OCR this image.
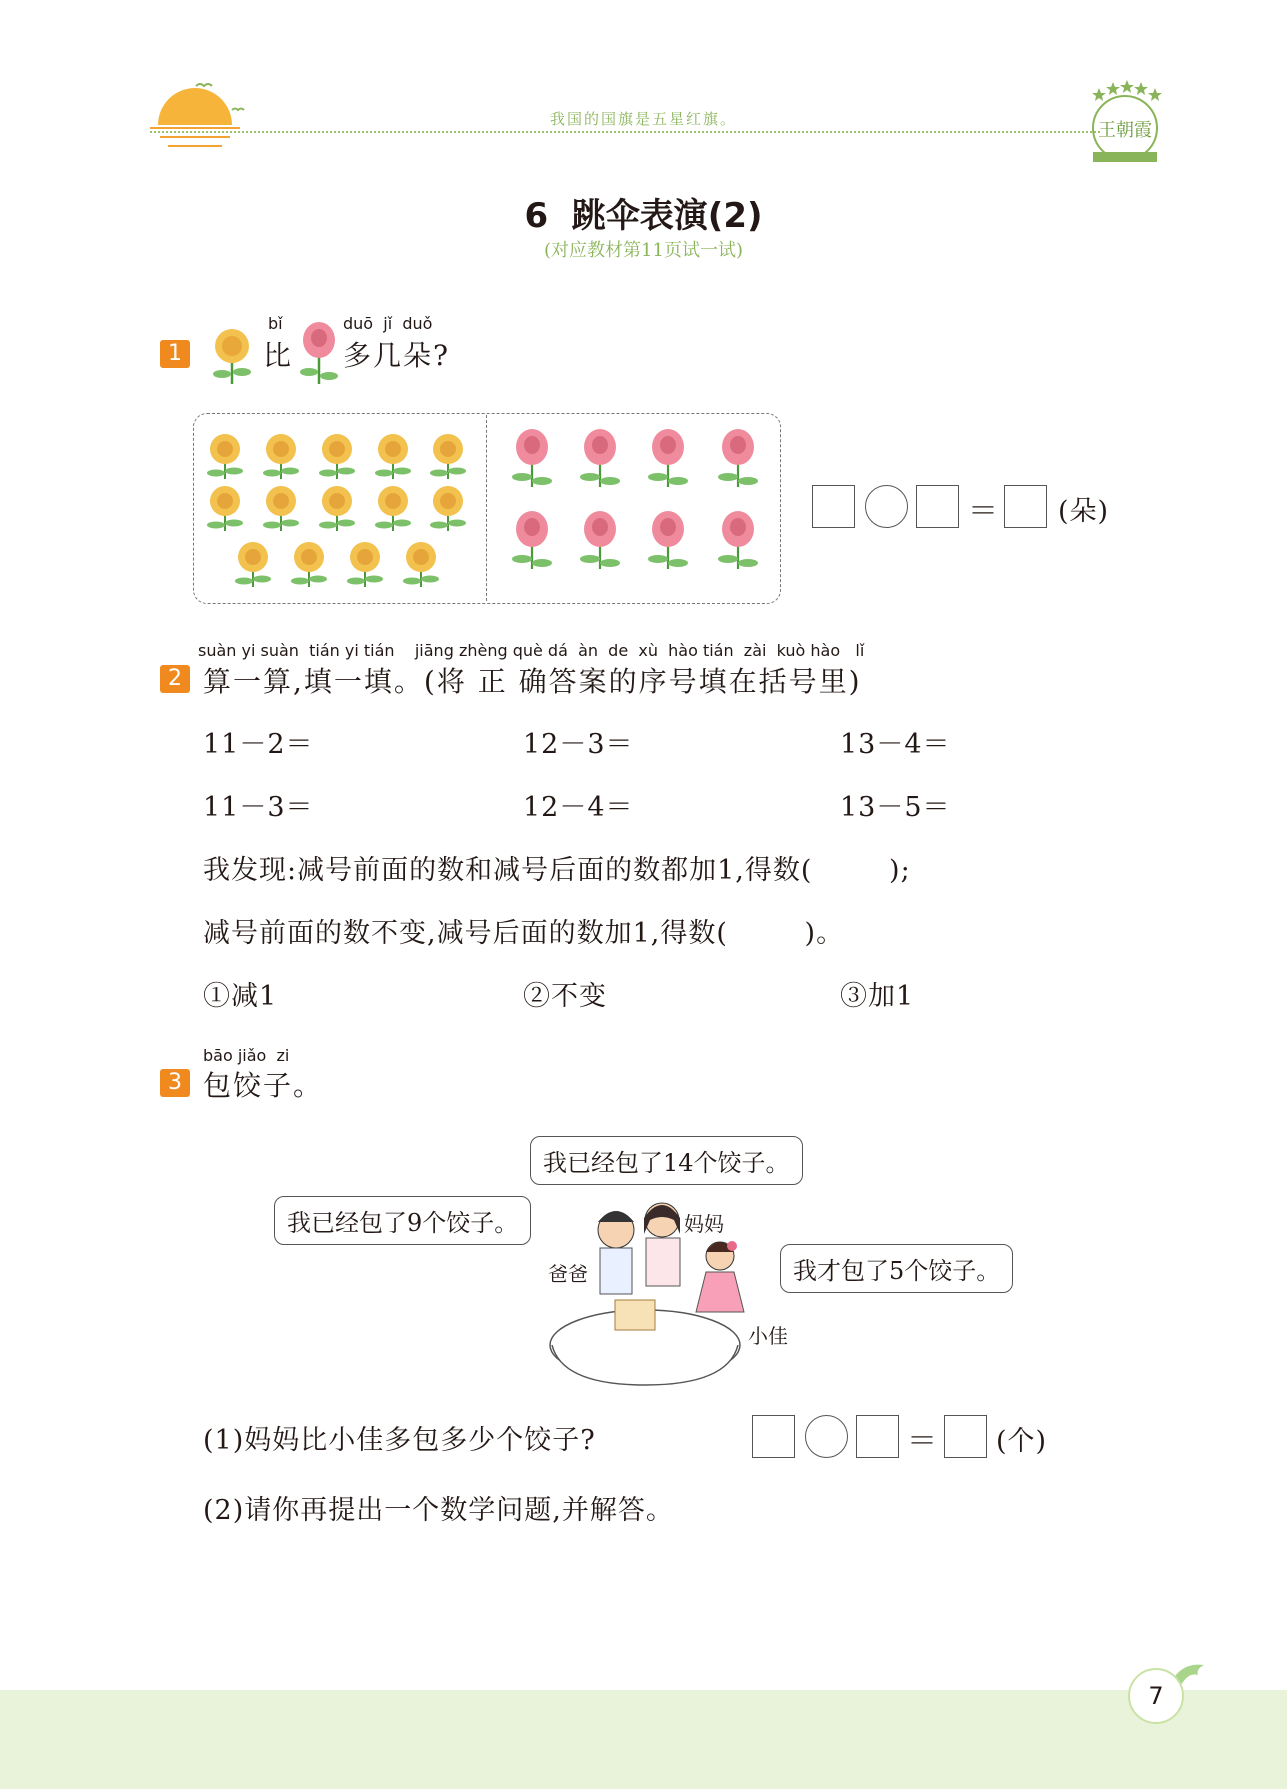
我国的国旗是五星红旗。
王朝霞
6  跳伞表演(2)
(对应教材第11页试一试)
1
bǐ
比
duō  jǐ  duǒ
多几朵?
＝ (朵)
suàn yi suàn  tián yi tián    jiāng zhèng què dá  àn  de  xù  hào tián  zài  kuò hào   lǐ
2 算一算,填一填。(将 正 确答案的序号填在括号里)
11－2＝	12－3＝	13－4＝
11－3＝	12－4＝	13－5＝
我发现:减号前面的数和减号后面的数都加1,得数(        );
减号前面的数不变,减号后面的数加1,得数(        )。
①减1	②不变	③加1
bāo jiǎo  zi
3 包饺子。
我已经包了14个饺子。
我已经包了9个饺子。
我才包了5个饺子。
妈妈
爸爸
小佳
(1)妈妈比小佳多包多少个饺子?	＝ (个)
(2)请你再提出一个数学问题,并解答。
7
